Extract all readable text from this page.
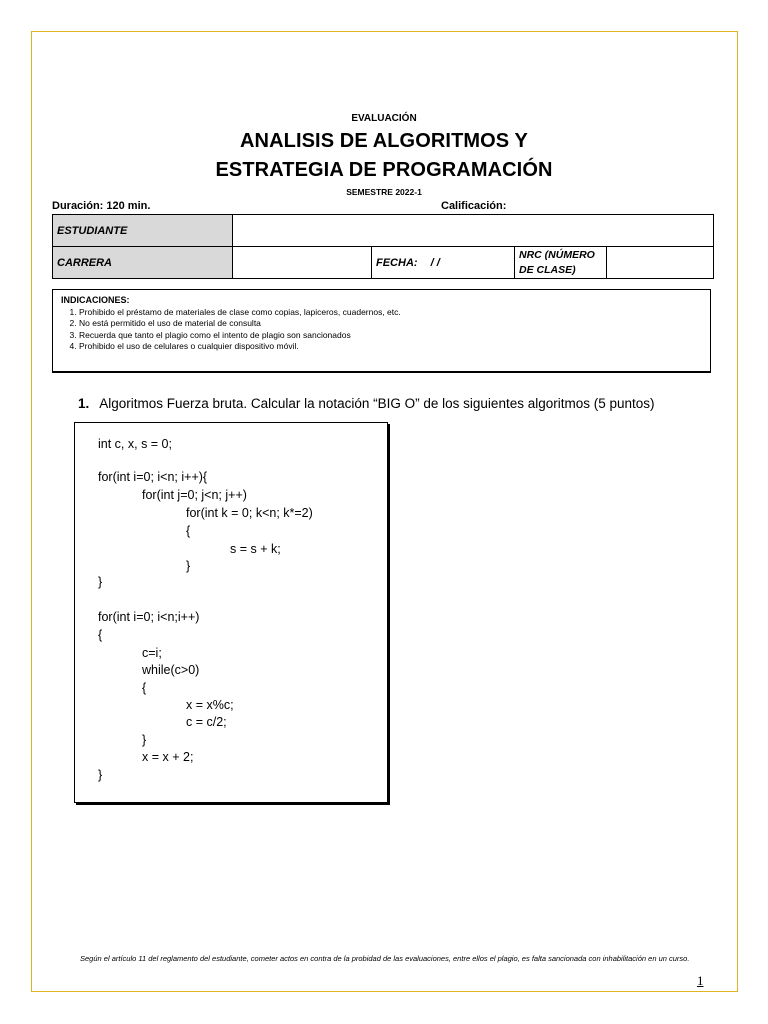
EVALUACIÓN
ANALISIS DE ALGORITMOS Y
ESTRATEGIA DE PROGRAMACIÓN
SEMESTRE 2022-1
Duración: 120 min.	Calificación:
ESTUDIANTE				
CARRERA		FECHA: / /	NRC (NÚMERO DE CLASE)	
INDICACIONES:
1. Prohibido el préstamo de materiales de clase como copias, lapiceros, cuadernos, etc.
2. No está permitido el uso de material de consulta
3. Recuerda que tanto el plagio como el intento de plagio son sancionados
4. Prohibido el uso de celulares o cualquier dispositivo móvil.
1. Algoritmos Fuerza bruta. Calcular la notación “BIG O” de los siguientes algoritmos (5 puntos)
int c, x, s = 0;
for(int i=0; i<n; i++){
for(int j=0; j<n; j++)
for(int k = 0; k<n; k*=2)
{
s = s + k;
}
}
for(int i=0; i<n;i++)
{
c=i;
while(c>0)
{
x = x%c;
c = c/2;
}
x = x + 2;
}
Según el artículo 11 del reglamento del estudiante, cometer actos en contra de la probidad de las evaluaciones, entre ellos el plagio, es falta sancionada con inhabilitación en un curso.
1
